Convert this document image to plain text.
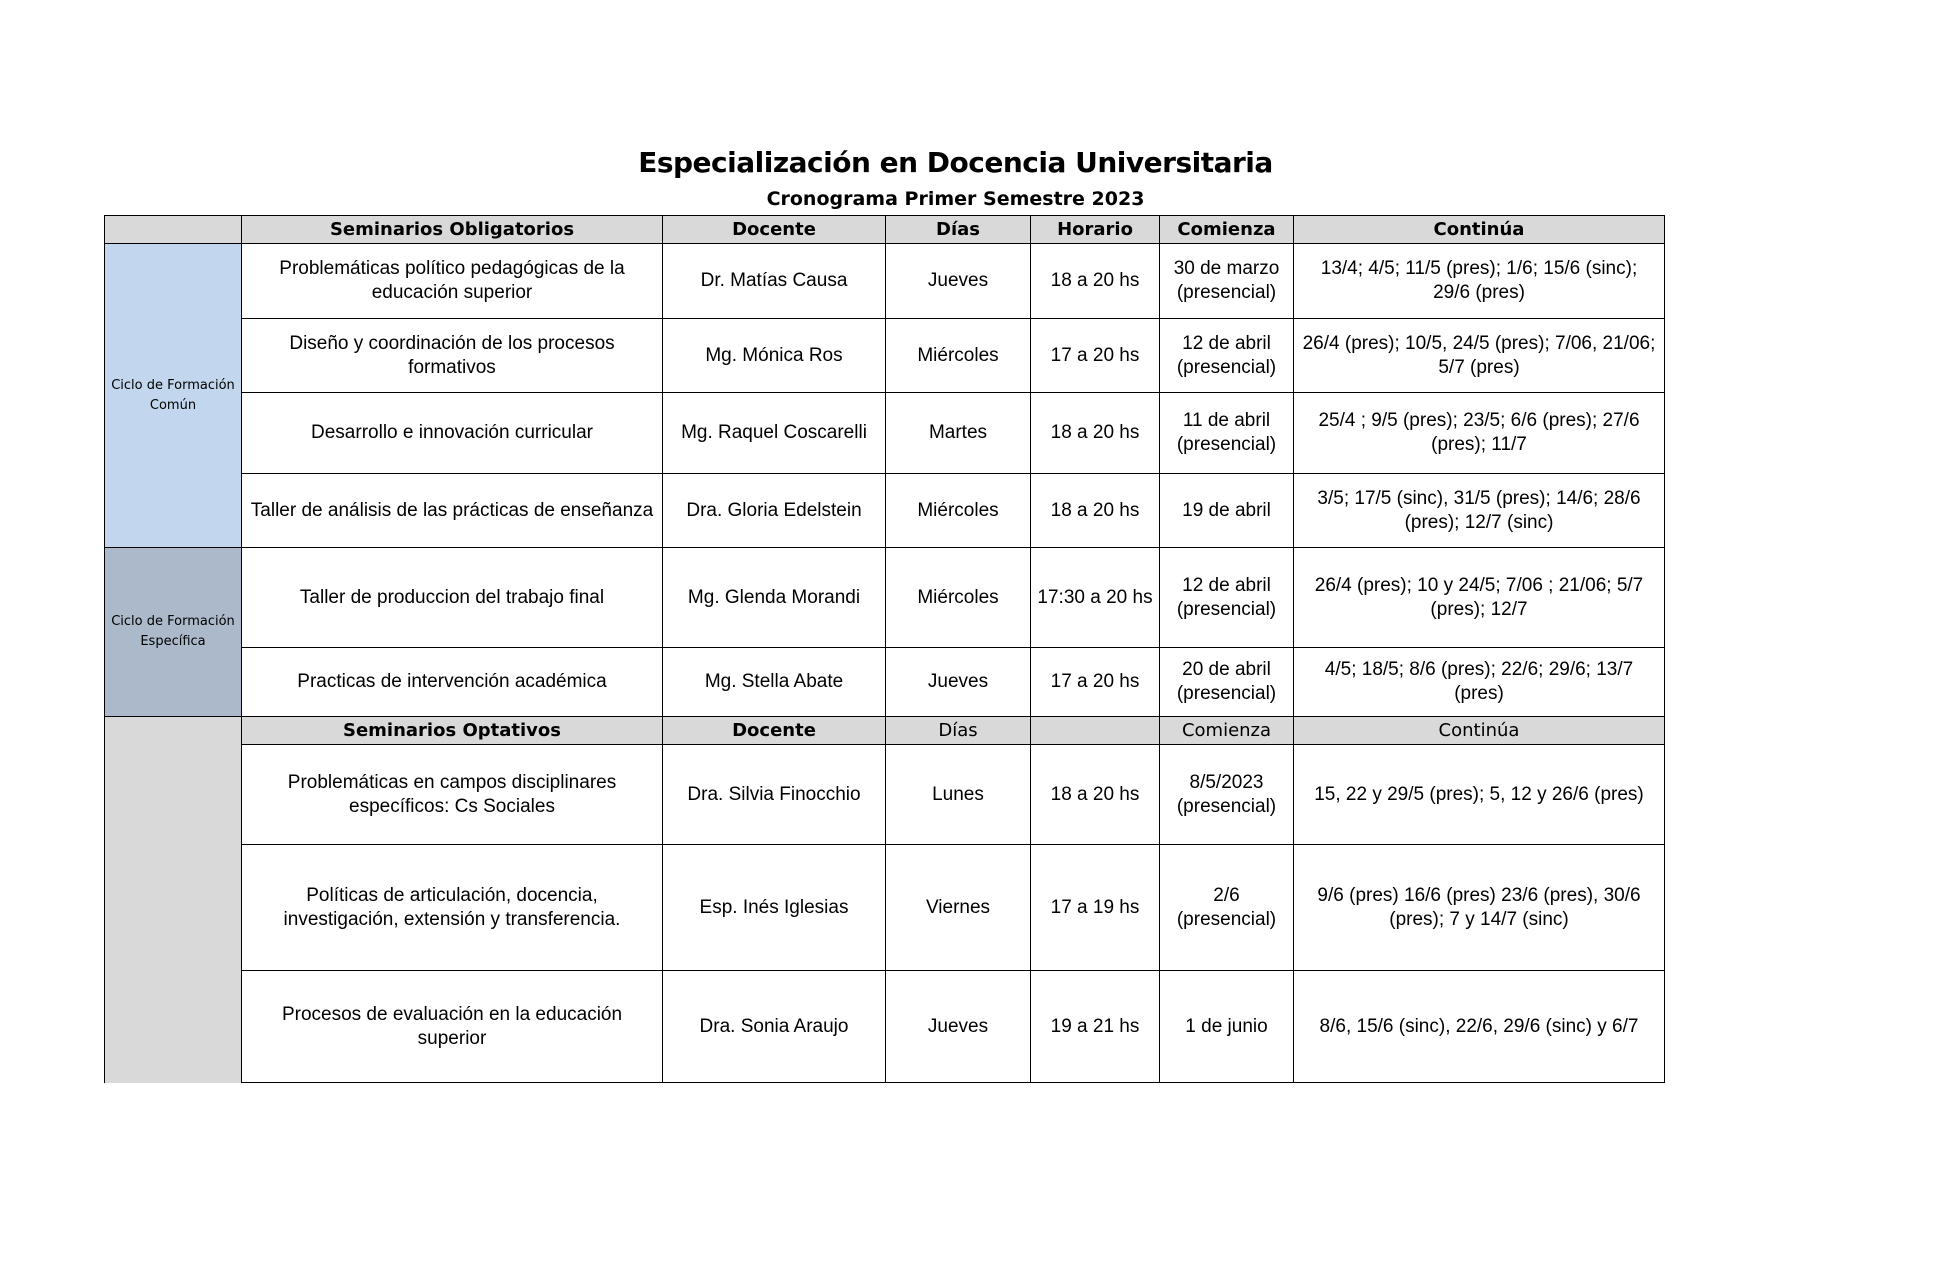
Especialización en Docencia Universitaria
Cronograma Primer Semestre 2023
	Seminarios Obligatorios	Docente	Días	Horario	Comienza	Continúa
Ciclo de Formación Común	Problemáticas político pedagógicas de la educación superior	Dr. Matías Causa	Jueves	18 a 20 hs	30 de marzo (presencial)	13/4; 4/5; 11/5 (pres); 1/6; 15/6 (sinc); 29/6 (pres)
	Diseño y coordinación de los procesos formativos	Mg. Mónica Ros	Miércoles	17 a 20 hs	12 de abril (presencial)	26/4 (pres); 10/5, 24/5 (pres); 7/06, 21/06; 5/7 (pres)
	Desarrollo e innovación curricular	Mg. Raquel Coscarelli	Martes	18 a 20 hs	11 de abril (presencial)	25/4 ; 9/5 (pres); 23/5; 6/6 (pres); 27/6 (pres); 11/7
	Taller de análisis de las prácticas de enseñanza	Dra. Gloria Edelstein	Miércoles	18 a 20 hs	19 de abril	3/5; 17/5 (sinc), 31/5 (pres); 14/6; 28/6 (pres); 12/7 (sinc)
Ciclo de Formación Específica	Taller de produccion del trabajo final	Mg. Glenda Morandi	Miércoles	17:30 a 20 hs	12 de abril (presencial)	26/4 (pres); 10 y 24/5; 7/06 ; 21/06; 5/7 (pres); 12/7
	Practicas de intervención académica	Mg. Stella Abate	Jueves	17 a 20 hs	20 de abril (presencial)	4/5; 18/5; 8/6 (pres); 22/6; 29/6; 13/7 (pres)
	Seminarios Optativos	Docente	Días		Comienza	Continúa
	Problemáticas en campos disciplinares específicos: Cs Sociales	Dra. Silvia Finocchio	Lunes	18 a 20 hs	8/5/2023 (presencial)	15, 22 y 29/5 (pres); 5, 12 y 26/6 (pres)
	Políticas de articulación, docencia, investigación, extensión y transferencia.	Esp. Inés Iglesias	Viernes	17 a 19 hs	2/6 (presencial)	9/6 (pres) 16/6 (pres) 23/6 (pres), 30/6 (pres); 7 y 14/7 (sinc)
	Procesos de evaluación en la educación superior	Dra. Sonia Araujo	Jueves	19 a 21 hs	1 de junio	8/6, 15/6 (sinc), 22/6, 29/6 (sinc) y 6/7
